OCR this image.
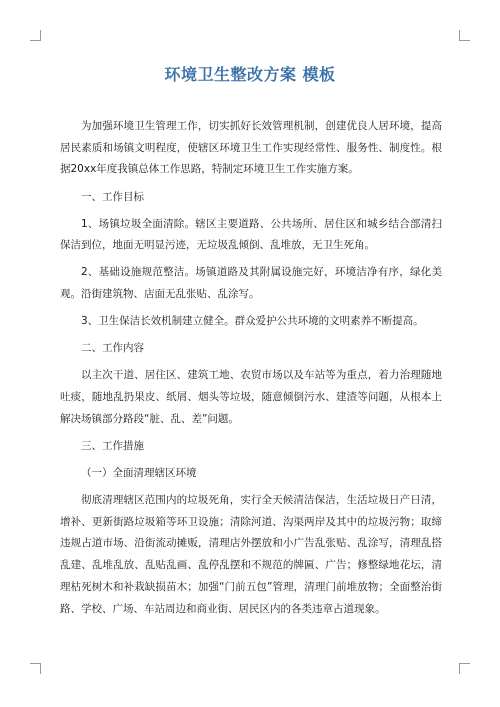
环境卫生整改方案 模板

为加强环境卫生管理工作，切实抓好长效管理机制，创建优良人居环境，提高居民素质和场镇文明程度，使辖区环境卫生工作实现经常性、服务性、制度性。根据20xx年度我镇总体工作思路，特制定环境卫生工作实施方案。

一、工作目标

1、场镇垃圾全面清除。辖区主要道路、公共场所、居住区和城乡结合部清扫保洁到位，地面无明显污迹，无垃圾乱倾倒、乱堆放，无卫生死角。

2、基础设施规范整洁。场镇道路及其附属设施完好，环境洁净有序，绿化美观。沿街建筑物、店面无乱张贴、乱涂写。

3、卫生保洁长效机制建立健全。群众爱护公共环境的文明素养不断提高。

二、工作内容

以主次干道、居住区、建筑工地、农贸市场以及车站等为重点，着力治理随地吐痰，随地乱扔果皮、纸屑、烟头等垃圾，随意倾倒污水、建渣等问题，从根本上解决场镇部分路段“脏、乱、差”问题。

三、工作措施

（一）全面清理辖区环境

彻底清理辖区范围内的垃圾死角，实行全天候清洁保洁，生活垃圾日产日清，增补、更新街路垃圾箱等环卫设施；清除河道、沟渠两岸及其中的垃圾污物；取缔违规占道市场、沿街流动摊贩，清理店外摆放和小广告乱张贴、乱涂写，清理乱搭乱建、乱堆乱放、乱贴乱画、乱停乱摆和不规范的牌匾、广告；修整绿地花坛，清理枯死树木和补栽缺损苗木；加强“门前五包”管理，清理门前堆放物；全面整治街路、学校、广场、车站周边和商业街、居民区内的各类违章占道现象。
